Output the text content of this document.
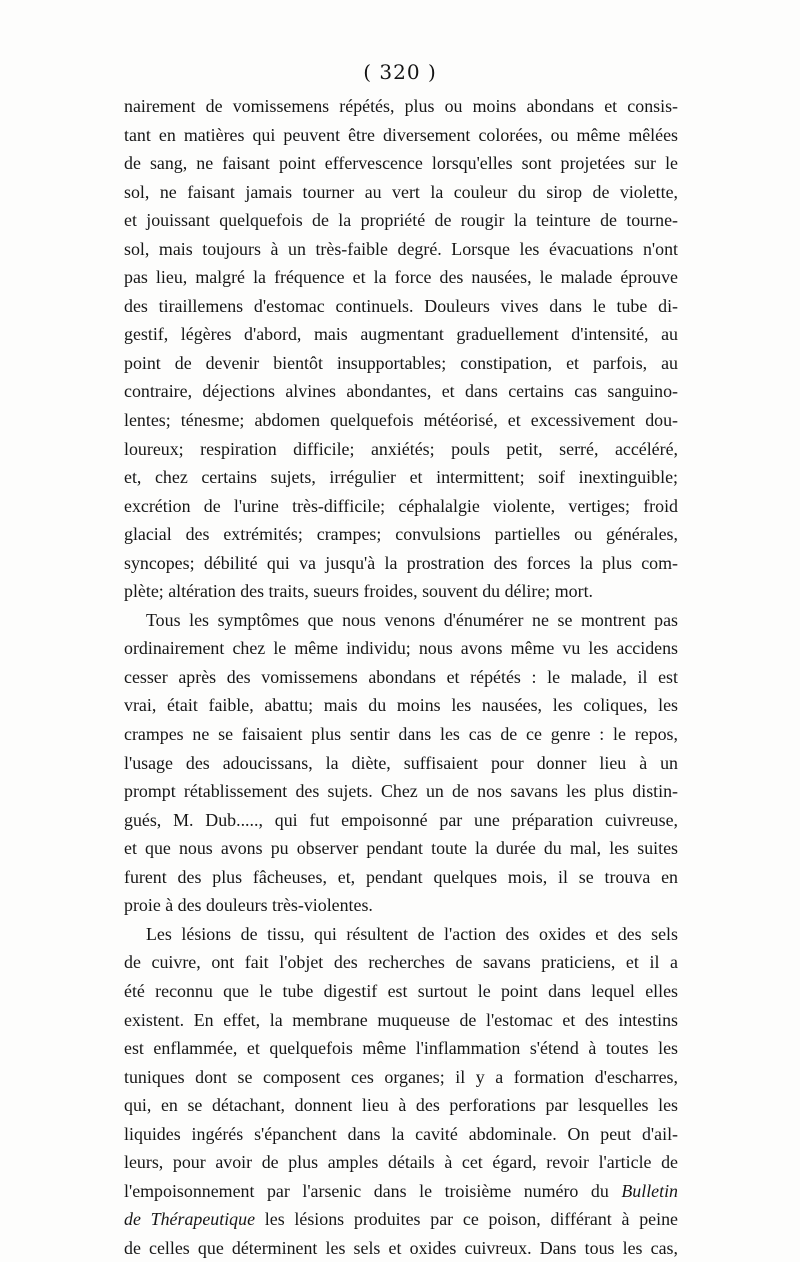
( 320 )
nairement de vomissemens répétés, plus ou moins abondans et consis-
tant en matières qui peuvent être diversement colorées, ou même mêlées
de sang, ne faisant point effervescence lorsqu'elles sont projetées sur le
sol, ne faisant jamais tourner au vert la couleur du sirop de violette,
et jouissant quelquefois de la propriété de rougir la teinture de tourne-
sol, mais toujours à un très-faible degré. Lorsque les évacuations n'ont
pas lieu, malgré la fréquence et la force des nausées, le malade éprouve
des tiraillemens d'estomac continuels. Douleurs vives dans le tube di-
gestif, légères d'abord, mais augmentant graduellement d'intensité, au
point de devenir bientôt insupportables; constipation, et parfois, au
contraire, déjections alvines abondantes, et dans certains cas sanguino-
lentes; ténesme; abdomen quelquefois météorisé, et excessivement dou-
loureux; respiration difficile; anxiétés; pouls petit, serré, accéléré,
et, chez certains sujets, irrégulier et intermittent; soif inextinguible;
excrétion de l'urine très-difficile; céphalalgie violente, vertiges; froid
glacial des extrémités; crampes; convulsions partielles ou générales,
syncopes; débilité qui va jusqu'à la prostration des forces la plus com-
plète; altération des traits, sueurs froides, souvent du délire; mort.
Tous les symptômes que nous venons d'énumérer ne se montrent pas
ordinairement chez le même individu; nous avons même vu les accidens
cesser après des vomissemens abondans et répétés : le malade, il est
vrai, était faible, abattu; mais du moins les nausées, les coliques, les
crampes ne se faisaient plus sentir dans les cas de ce genre : le repos,
l'usage des adoucissans, la diète, suffisaient pour donner lieu à un
prompt rétablissement des sujets. Chez un de nos savans les plus distin-
gués, M. Dub....., qui fut empoisonné par une préparation cuivreuse,
et que nous avons pu observer pendant toute la durée du mal, les suites
furent des plus fâcheuses, et, pendant quelques mois, il se trouva en
proie à des douleurs très-violentes.
Les lésions de tissu, qui résultent de l'action des oxides et des sels
de cuivre, ont fait l'objet des recherches de savans praticiens, et il a
été reconnu que le tube digestif est surtout le point dans lequel elles
existent. En effet, la membrane muqueuse de l'estomac et des intestins
est enflammée, et quelquefois même l'inflammation s'étend à toutes les
tuniques dont se composent ces organes; il y a formation d'escharres,
qui, en se détachant, donnent lieu à des perforations par lesquelles les
liquides ingérés s'épanchent dans la cavité abdominale. On peut d'ail-
leurs, pour avoir de plus amples détails à cet égard, revoir l'article de
l'empoisonnement par l'arsenic dans le troisième numéro du Bulletin
de Thérapeutique les lésions produites par ce poison, différant à peine
de celles que déterminent les sels et oxides cuivreux. Dans tous les cas,
